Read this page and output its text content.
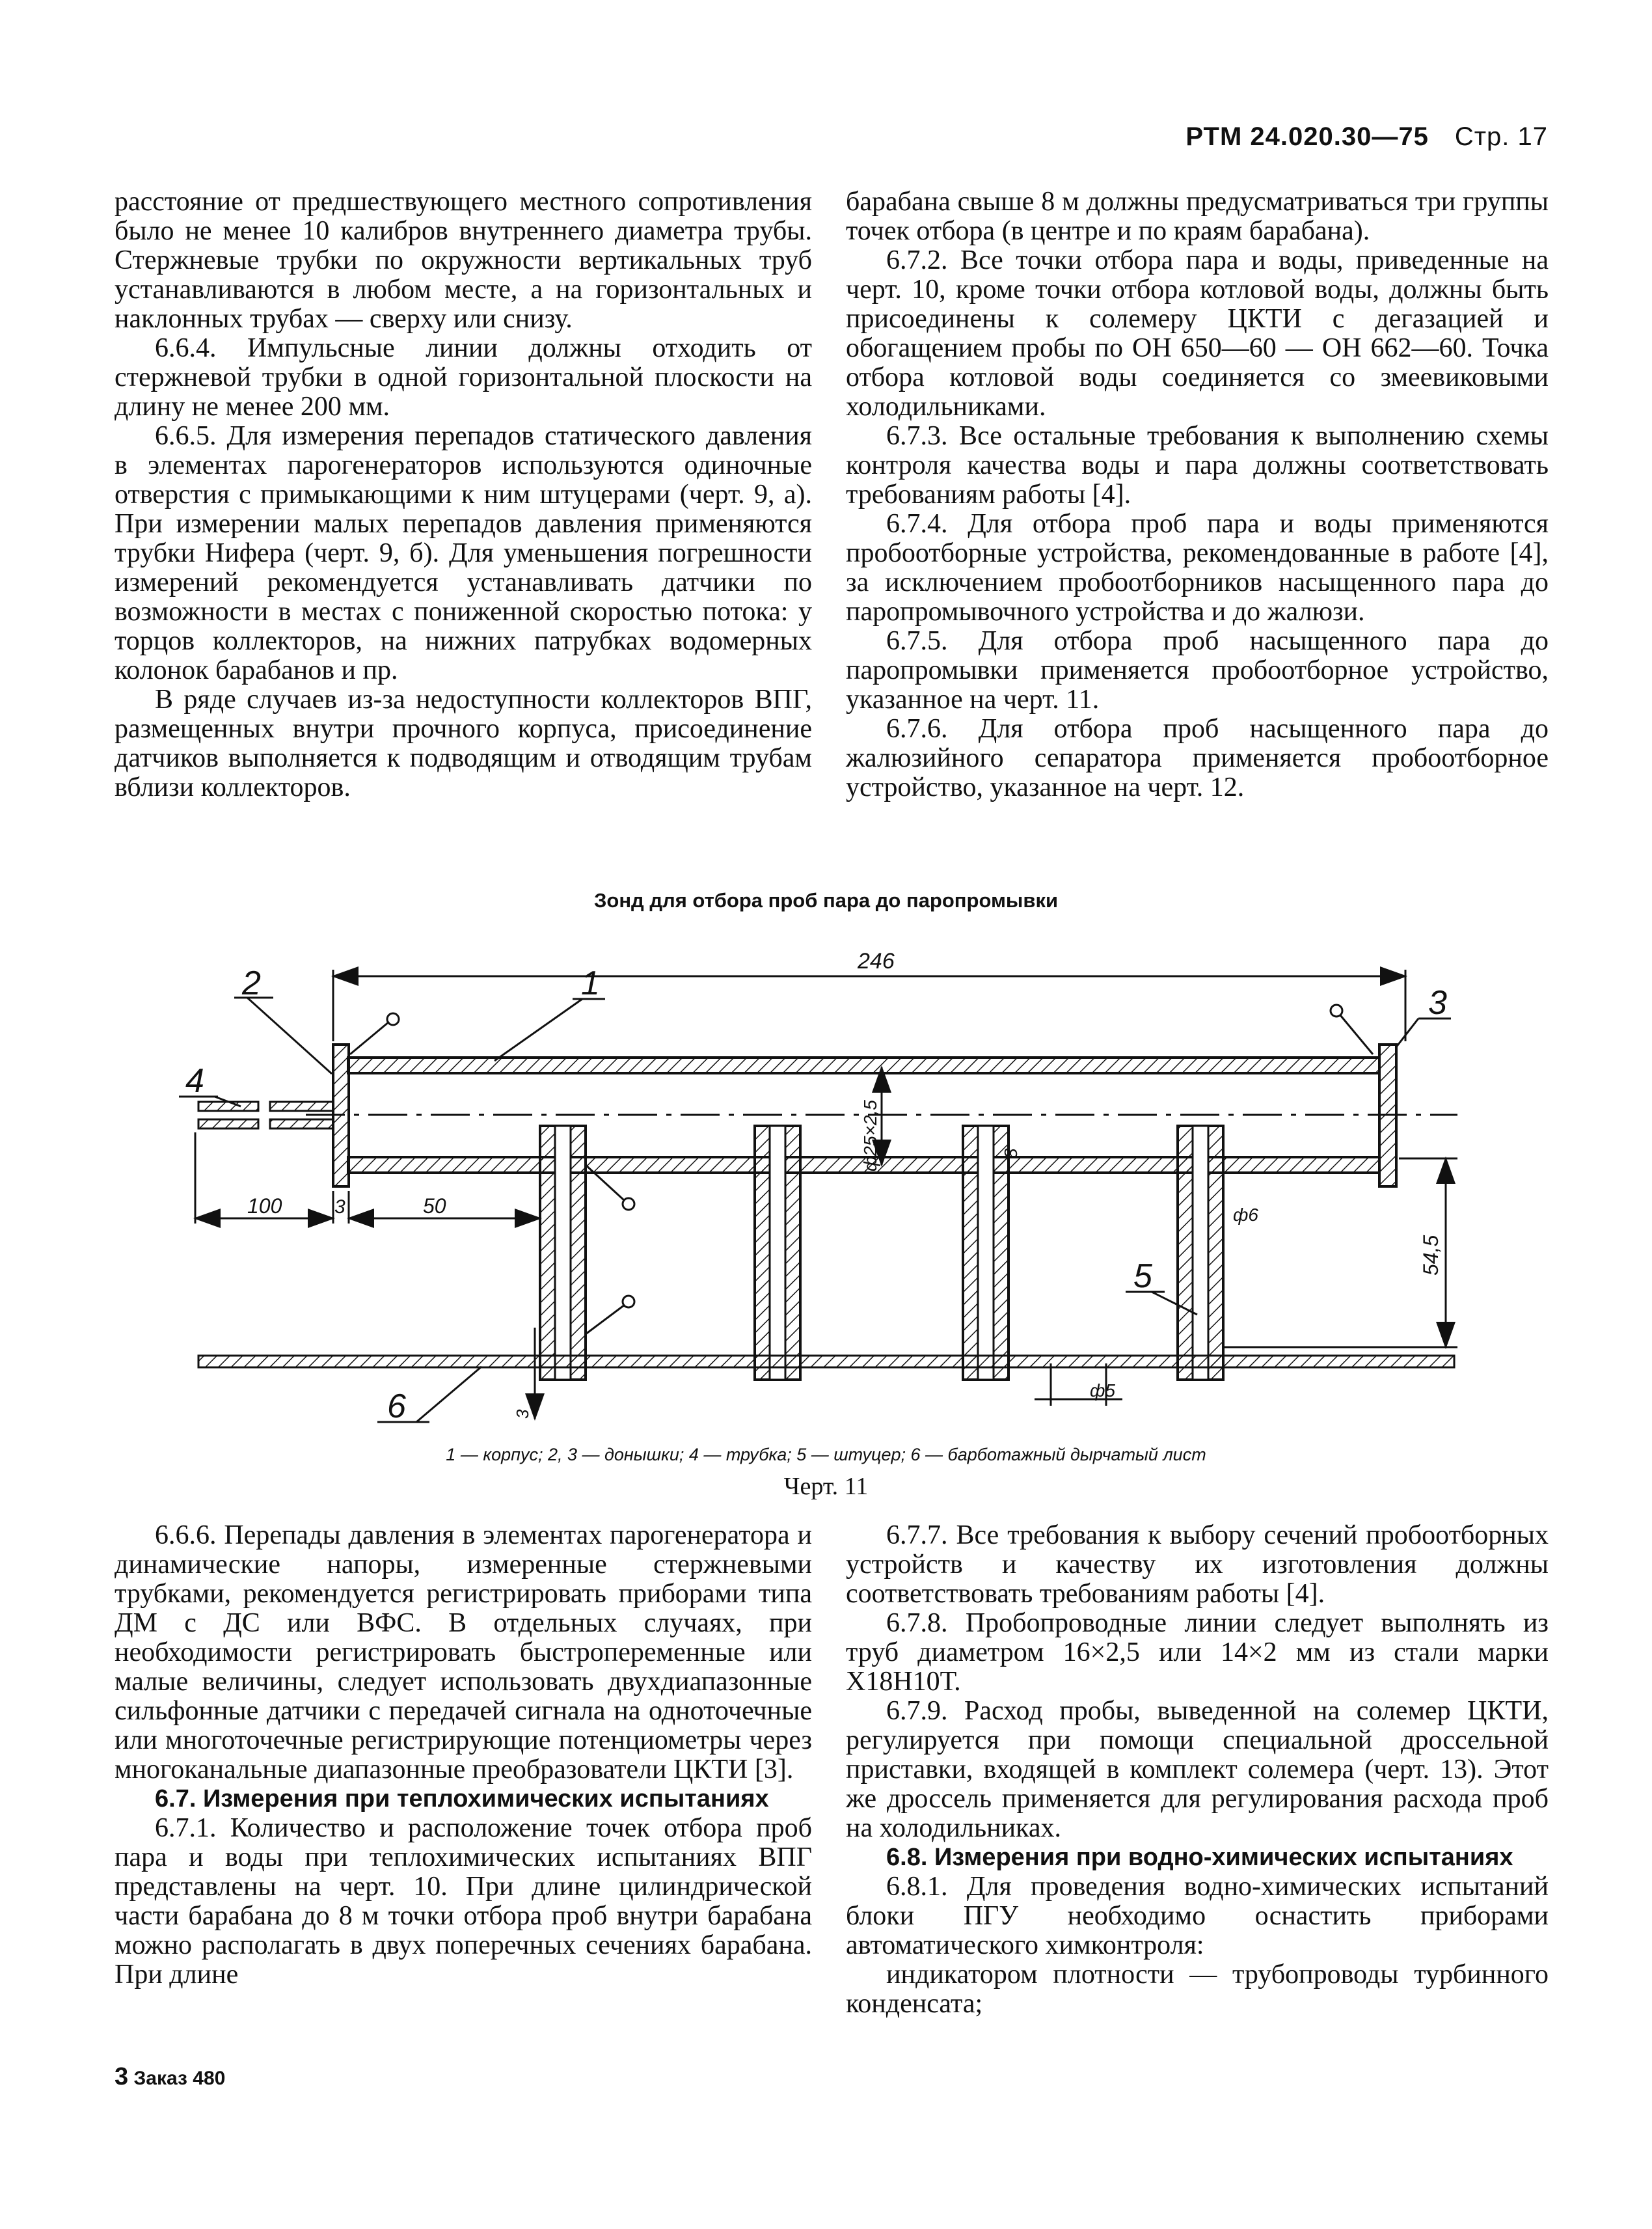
РТМ 24.020.30—75 Стр. 17

расстояние от предшествующего местного сопротивления было не менее 10 калибров внутреннего диаметра трубы. Стержневые трубки по окружности вертикальных труб устанавливаются в любом месте, а на горизонтальных и наклонных трубах — сверху или снизу.

6.6.4. Импульсные линии должны отходить от стержневой трубки в одной горизонтальной плоскости на длину не менее 200 мм.

6.6.5. Для измерения перепадов статического давления в элементах парогенераторов используются одиночные отверстия с примыкающими к ним штуцерами (черт. 9, а). При измерении малых перепадов давления применяются трубки Нифера (черт. 9, б). Для уменьшения погрешности измерений рекомендуется устанавливать датчики по возможности в местах с пониженной скоростью потока: у торцов коллекторов, на нижних патрубках водомерных колонок барабанов и пр.

В ряде случаев из-за недоступности коллекторов ВПГ, размещенных внутри прочного корпуса, присоединение датчиков выполняется к подводящим и отводящим трубам вблизи коллекторов.

барабана свыше 8 м должны предусматриваться три группы точек отбора (в центре и по краям барабана).

6.7.2. Все точки отбора пара и воды, приведенные на черт. 10, кроме точки отбора котловой воды, должны быть присоединены к солемеру ЦКТИ с дегазацией и обогащением пробы по ОН 650—60 — ОН 662—60. Точка отбора котловой воды соединяется со змеевиковыми холодильниками.

6.7.3. Все остальные требования к выполнению схемы контроля качества воды и пара должны соответствовать требованиям работы [4].

6.7.4. Для отбора проб пара и воды применяются пробоотборные устройства, рекомендованные в работе [4], за исключением пробоотборников насыщенного пара до паропромывочного устройства и до жалюзи.

6.7.5. Для отбора проб насыщенного пара до паропромывки применяется пробоотборное устройство, указанное на черт. 11.

6.7.6. Для отбора проб насыщенного пара до жалюзийного сепаратора применяется пробоотборное устройство, указанное на черт. 12.

Зонд для отбора проб пара до паропромывки
246
100	3	50
ф25×2,5	8
ф6
54,5
ф5
3
2	1
3
4
5
6
1 — корпус; 2, 3 — донышки; 4 — трубка; 5 — штуцер; 6 — барботажный дырчатый лист
Черт. 11

6.6.6. Перепады давления в элементах парогенератора и динамические напоры, измеренные стержневыми трубками, рекомендуется регистрировать приборами типа ДМ с ДС или ВФС. В отдельных случаях, при необходимости регистрировать быстропеременные или малые величины, следует использовать двухдиапазонные сильфонные датчики с передачей сигнала на одноточечные или многоточечные регистрирующие потенциометры через многоканальные диапазонные преобразователи ЦКТИ [3].

6.7. Измерения при теплохимических испытаниях

6.7.1. Количество и расположение точек отбора проб пара и воды при теплохимических испытаниях ВПГ представлены на черт. 10. При длине цилиндрической части барабана до 8 м точки отбора проб внутри барабана можно располагать в двух поперечных сечениях барабана. При длине

6.7.7. Все требования к выбору сечений пробоотборных устройств и качеству их изготовления должны соответствовать требованиям работы [4].

6.7.8. Пробопроводные линии следует выполнять из труб диаметром 16×2,5 или 14×2 мм из стали марки Х18Н10Т.

6.7.9. Расход пробы, выведенной на солемер ЦКТИ, регулируется при помощи специальной дроссельной приставки, входящей в комплект солемера (черт. 13). Этот же дроссель применяется для регулирования расхода проб на холодильниках.

6.8. Измерения при водно-химических испытаниях

6.8.1. Для проведения водно-химических испытаний блоки ПГУ необходимо оснастить приборами автоматического химконтроля:

индикатором плотности — трубопроводы турбинного конденсата;

3 Заказ 480
